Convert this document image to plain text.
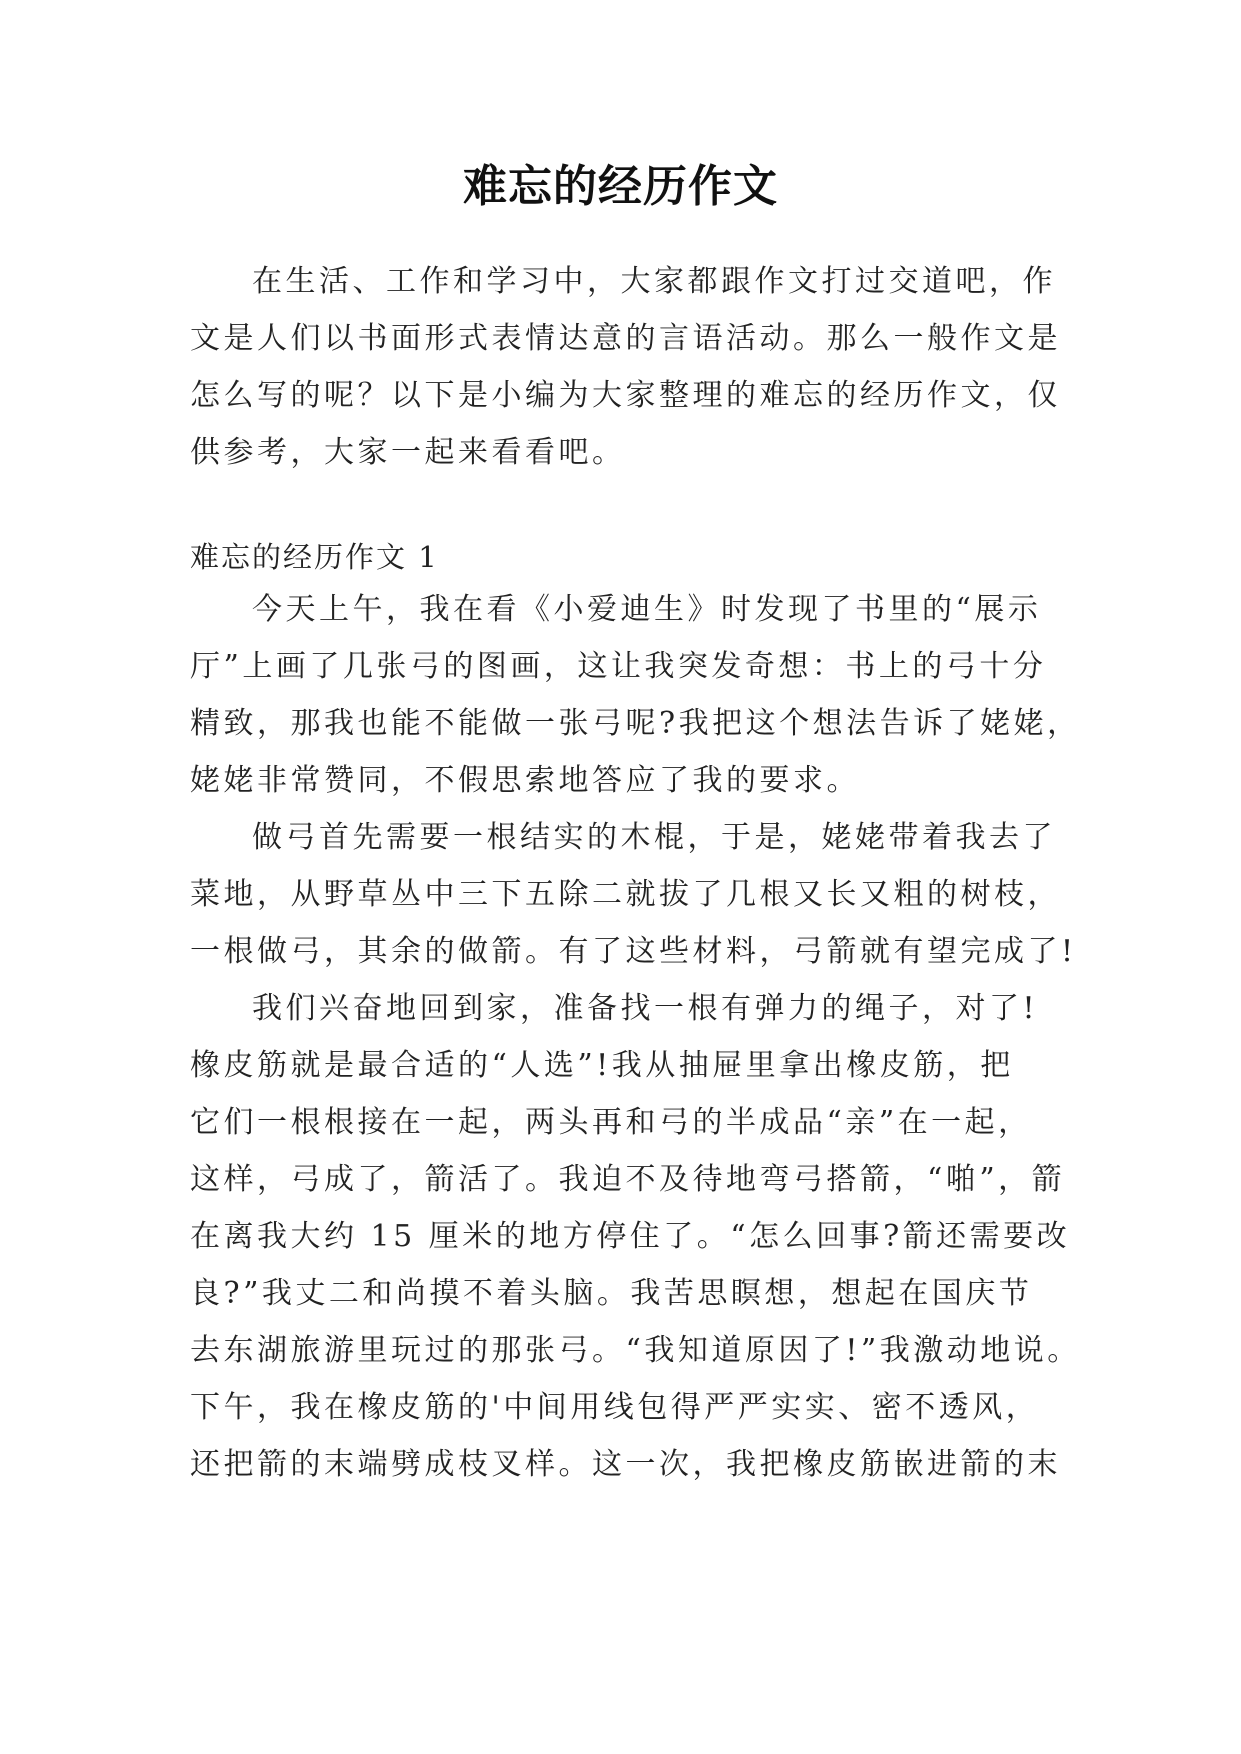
难忘的经历作文
在生活、工作和学习中，大家都跟作文打过交道吧，作
文是人们以书面形式表情达意的言语活动。那么一般作文是
怎么写的呢？以下是小编为大家整理的难忘的经历作文，仅
供参考，大家一起来看看吧。
难忘的经历作文 1
今天上午，我在看《小爱迪生》时发现了书里的“展示
厅”上画了几张弓的图画，这让我突发奇想：书上的弓十分
精致，那我也能不能做一张弓呢?我把这个想法告诉了姥姥，
姥姥非常赞同，不假思索地答应了我的要求。
做弓首先需要一根结实的木棍，于是，姥姥带着我去了
菜地，从野草丛中三下五除二就拔了几根又长又粗的树枝，
一根做弓，其余的做箭。有了这些材料，弓箭就有望完成了!
我们兴奋地回到家，准备找一根有弹力的绳子，对了!
橡皮筋就是最合适的“人选”!我从抽屉里拿出橡皮筋，把
它们一根根接在一起，两头再和弓的半成品“亲”在一起，
这样，弓成了，箭活了。我迫不及待地弯弓搭箭，“啪”，箭
在离我大约 15 厘米的地方停住了。“怎么回事?箭还需要改
良?”我丈二和尚摸不着头脑。我苦思瞑想，想起在国庆节
去东湖旅游里玩过的那张弓。“我知道原因了!”我激动地说。
下午，我在橡皮筋的'中间用线包得严严实实、密不透风，
还把箭的末端劈成枝叉样。这一次，我把橡皮筋嵌进箭的末
